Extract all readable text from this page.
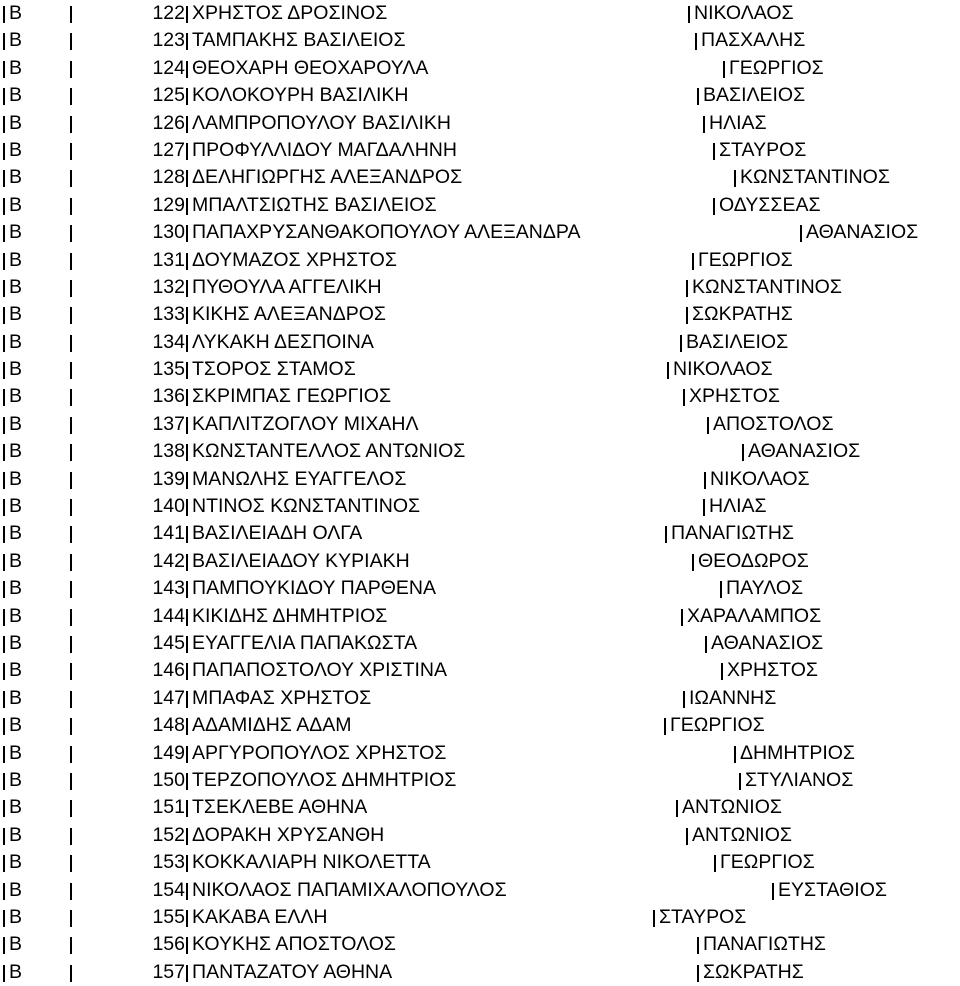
Β	122 ΧΡΗΣΤΟΣ ΔΡΟΣΙΝΟΣ	ΝΙΚΟΛΑΟΣ
Β	123 ΤΑΜΠΑΚΗΣ ΒΑΣΙΛΕΙΟΣ	ΠΑΣΧΑΛΗΣ
Β	124 ΘΕΟΧΑΡΗ ΘΕΟΧΑΡΟΥΛΑ	ΓΕΩΡΓΙΟΣ
Β	125 ΚΟΛΟΚΟΥΡΗ ΒΑΣΙΛΙΚΗ	ΒΑΣΙΛΕΙΟΣ
Β	126 ΛΑΜΠΡΟΠΟΥΛΟΥ ΒΑΣΙΛΙΚΗ	ΗΛΙΑΣ
Β	127 ΠΡΟΦΥΛΛΙΔΟΥ ΜΑΓΔΑΛΗΝΗ	ΣΤΑΥΡΟΣ
Β	128 ΔΕΛΗΓΙΩΡΓΗΣ ΑΛΕΞΑΝΔΡΟΣ	ΚΩΝΣΤΑΝΤΙΝΟΣ
Β	129 ΜΠΑΛΤΣΙΩΤΗΣ ΒΑΣΙΛΕΙΟΣ	ΟΔΥΣΣΕΑΣ
Β	130 ΠΑΠΑΧΡΥΣΑΝΘΑΚΟΠΟΥΛΟΥ ΑΛΕΞΑΝΔΡΑ	ΑΘΑΝΑΣΙΟΣ
Β	131 ΔΟΥΜΑΖΟΣ ΧΡΗΣΤΟΣ	ΓΕΩΡΓΙΟΣ
Β	132 ΠΥΘΟΥΛΑ ΑΓΓΕΛΙΚΗ	ΚΩΝΣΤΑΝΤΙΝΟΣ
Β	133 ΚΙΚΗΣ ΑΛΕΞΑΝΔΡΟΣ	ΣΩΚΡΑΤΗΣ
Β	134 ΛΥΚΑΚΗ ΔΕΣΠΟΙΝΑ	ΒΑΣΙΛΕΙΟΣ
Β	135 ΤΣΟΡΟΣ ΣΤΑΜΟΣ	ΝΙΚΟΛΑΟΣ
Β	136 ΣΚΡΙΜΠΑΣ ΓΕΩΡΓΙΟΣ	ΧΡΗΣΤΟΣ
Β	137 ΚΑΠΛΙΤΖΟΓΛΟΥ ΜΙΧΑΗΛ	ΑΠΟΣΤΟΛΟΣ
Β	138 ΚΩΝΣΤΑΝΤΕΛΛΟΣ ΑΝΤΩΝΙΟΣ	ΑΘΑΝΑΣΙΟΣ
Β	139 ΜΑΝΩΛΗΣ ΕΥΑΓΓΕΛΟΣ	ΝΙΚΟΛΑΟΣ
Β	140 ΝΤΙΝΟΣ ΚΩΝΣΤΑΝΤΙΝΟΣ	ΗΛΙΑΣ
Β	141 ΒΑΣΙΛΕΙΑΔΗ ΟΛΓΑ	ΠΑΝΑΓΙΩΤΗΣ
Β	142 ΒΑΣΙΛΕΙΑΔΟΥ ΚΥΡΙΑΚΗ	ΘΕΟΔΩΡΟΣ
Β	143 ΠΑΜΠΟΥΚΙΔΟΥ ΠΑΡΘΕΝΑ	ΠΑΥΛΟΣ
Β	144 ΚΙΚΙΔΗΣ ΔΗΜΗΤΡΙΟΣ	ΧΑΡΑΛΑΜΠΟΣ
Β	145 ΕΥΑΓΓΕΛΙΑ ΠΑΠΑΚΩΣΤΑ	ΑΘΑΝΑΣΙΟΣ
Β	146 ΠΑΠΑΠΟΣΤΟΛΟΥ ΧΡΙΣΤΙΝΑ	ΧΡΗΣΤΟΣ
Β	147 ΜΠΑΦΑΣ ΧΡΗΣΤΟΣ	ΙΩΑΝΝΗΣ
Β	148 ΑΔΑΜΙΔΗΣ ΑΔΑΜ	ΓΕΩΡΓΙΟΣ
Β	149 ΑΡΓΥΡΟΠΟΥΛΟΣ ΧΡΗΣΤΟΣ	ΔΗΜΗΤΡΙΟΣ
Β	150 ΤΕΡΖΟΠΟΥΛΟΣ ΔΗΜΗΤΡΙΟΣ	ΣΤΥΛΙΑΝΟΣ
Β	151 ΤΣΕΚΛΕΒΕ ΑΘΗΝΑ	ΑΝΤΩΝΙΟΣ
Β	152 ΔΟΡΑΚΗ ΧΡΥΣΑΝΘΗ	ΑΝΤΩΝΙΟΣ
Β	153 ΚΟΚΚΑΛΙΑΡΗ ΝΙΚΟΛΕΤΤΑ	ΓΕΩΡΓΙΟΣ
Β	154 ΝΙΚΟΛΑΟΣ ΠΑΠΑΜΙΧΑΛΟΠΟΥΛΟΣ	ΕΥΣΤΑΘΙΟΣ
Β	155 ΚΑΚΑΒΑ ΕΛΛΗ	ΣΤΑΥΡΟΣ
Β	156 ΚΟΥΚΗΣ ΑΠΟΣΤΟΛΟΣ	ΠΑΝΑΓΙΩΤΗΣ
Β	157 ΠΑΝΤΑΖΑΤΟΥ ΑΘΗΝΑ	ΣΩΚΡΑΤΗΣ
